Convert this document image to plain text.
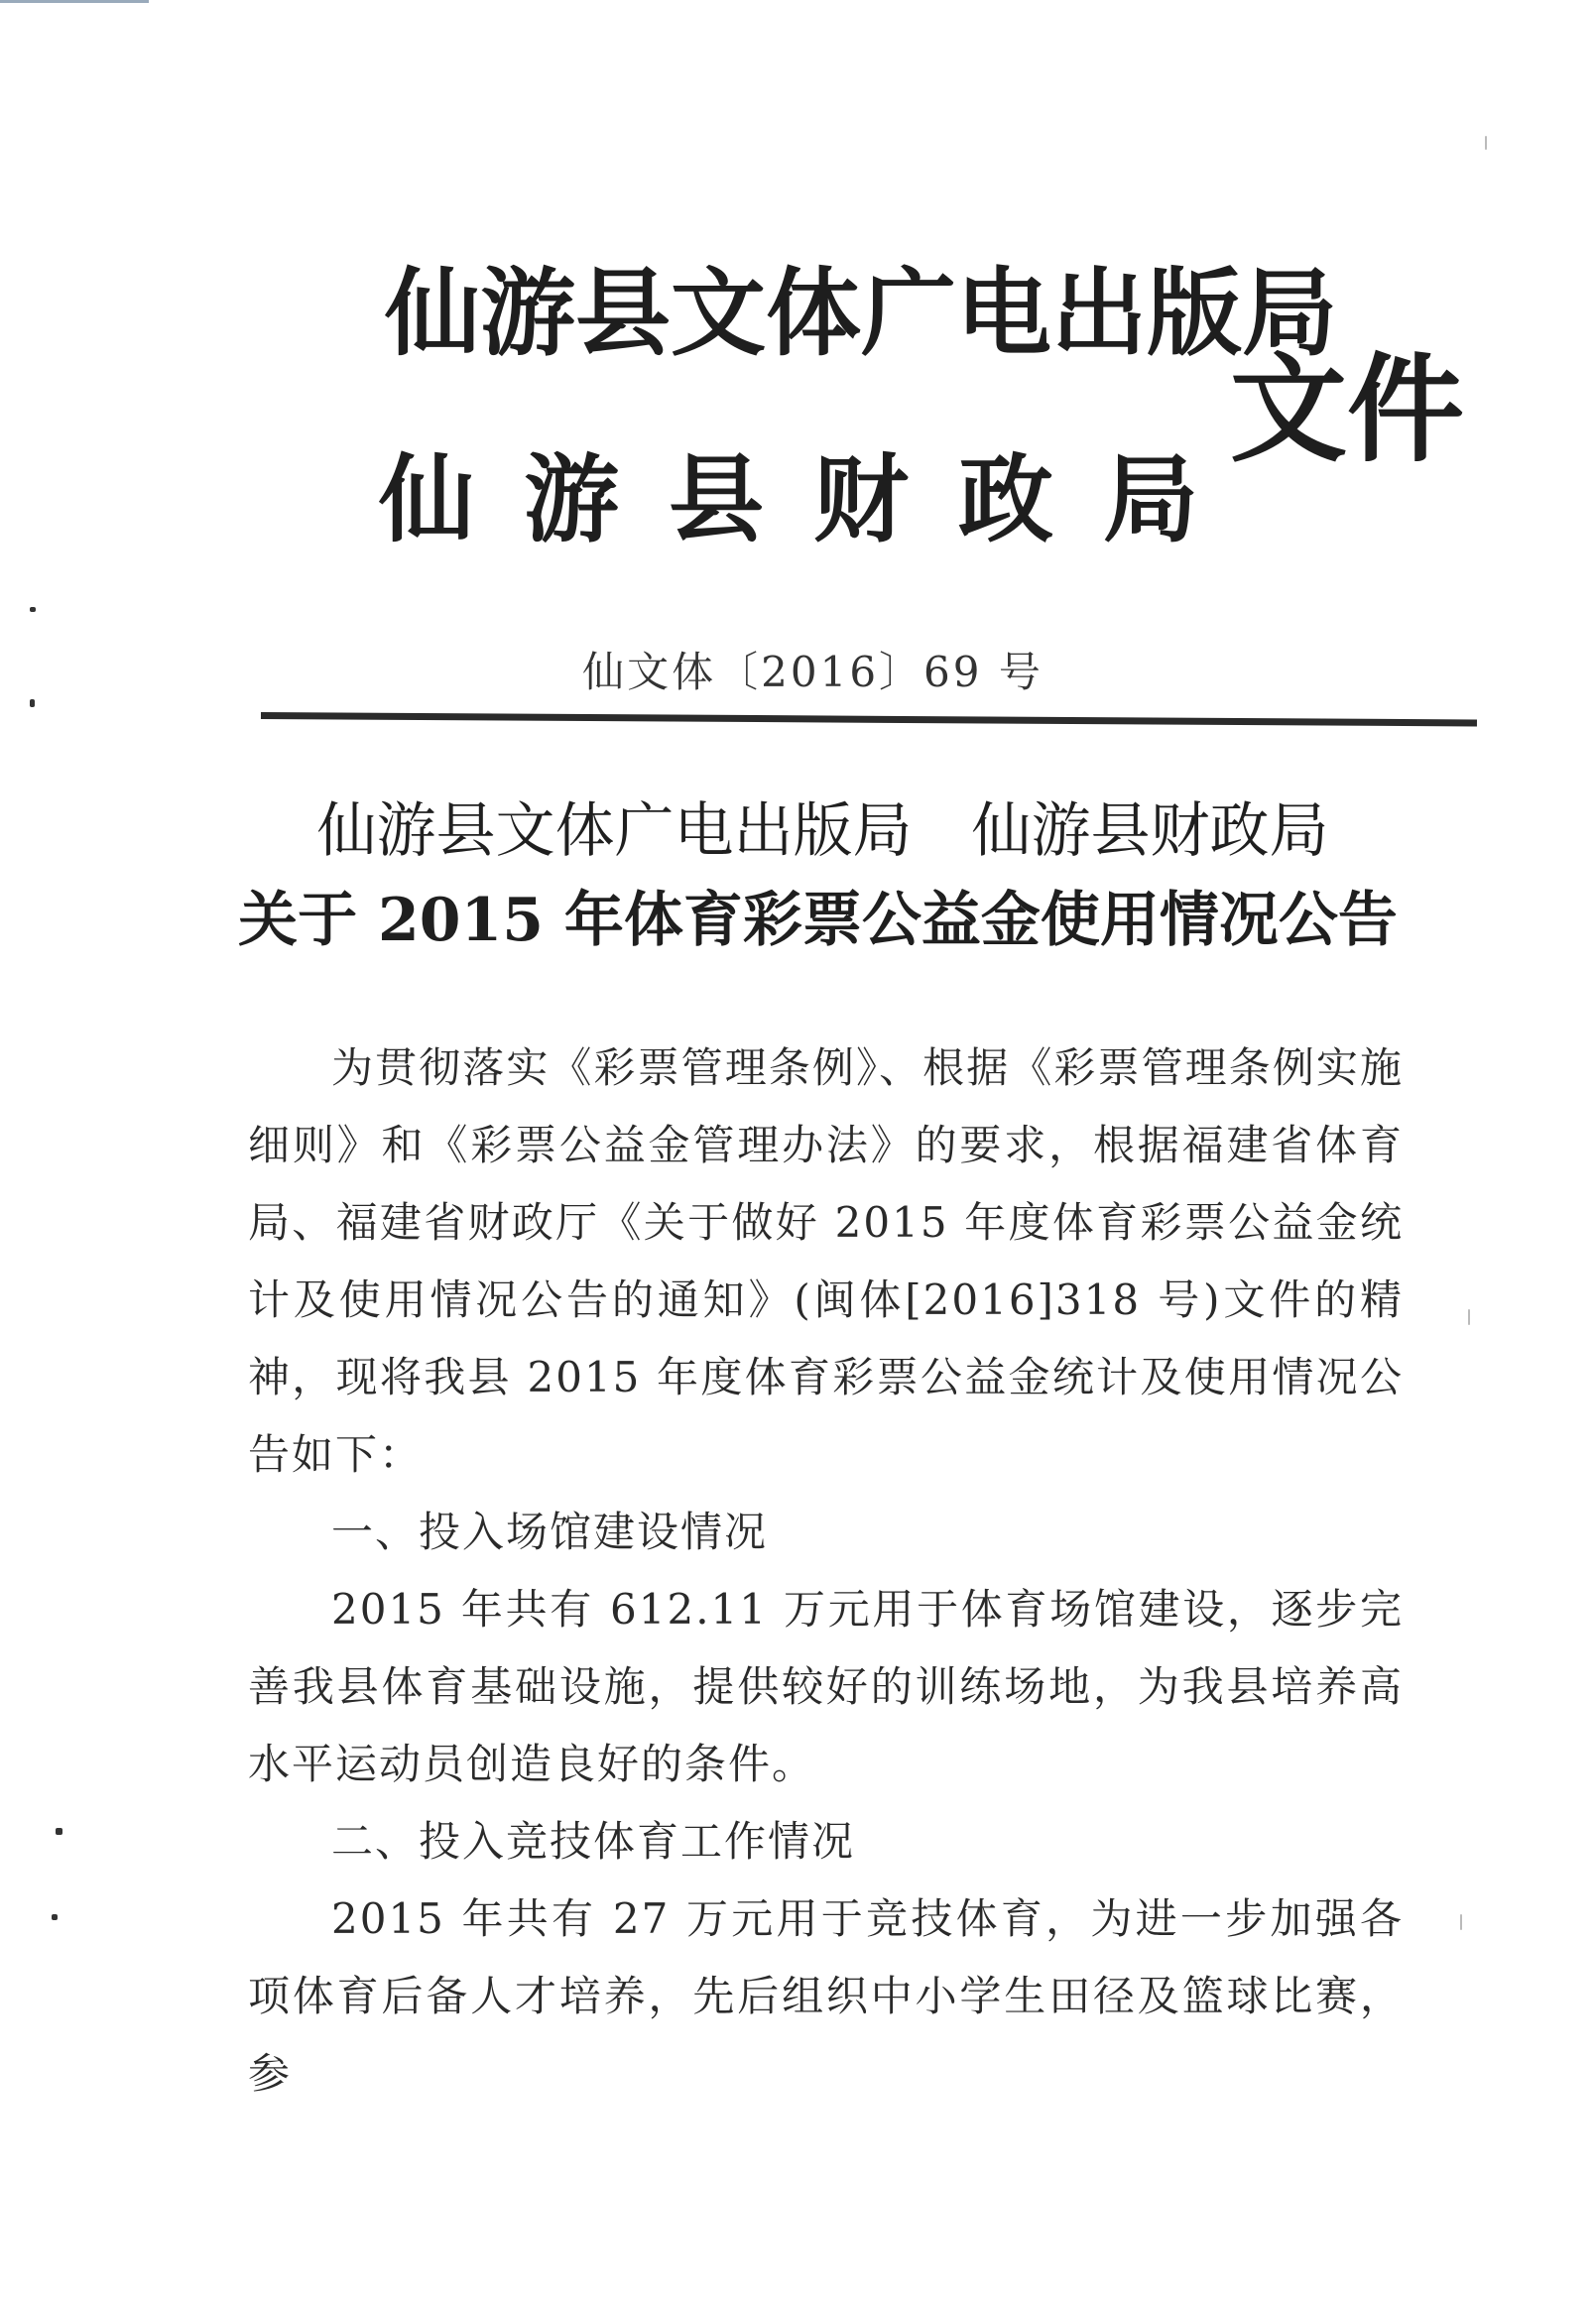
仙游县文体广电出版局
仙游县财政局
文件
仙文体〔2016〕69 号
仙游县文体广电出版局　仙游县财政局
关于 2015 年体育彩票公益金使用情况公告

为贯彻落实《彩票管理条例》、根据《彩票管理条例实施细则》和《彩票公益金管理办法》的要求，根据福建省体育局、福建省财政厅《关于做好 2015 年度体育彩票公益金统计及使用情况公告的通知》(闽体[2016]318 号)文件的精神，现将我县 2015 年度体育彩票公益金统计及使用情况公告如下：

一、投入场馆建设情况

2015 年共有 612.11 万元用于体育场馆建设，逐步完善我县体育基础设施，提供较好的训练场地，为我县培养高水平运动员创造良好的条件。

二、投入竞技体育工作情况

2015 年共有 27 万元用于竞技体育，为进一步加强各项体育后备人才培养，先后组织中小学生田径及篮球比赛，参
